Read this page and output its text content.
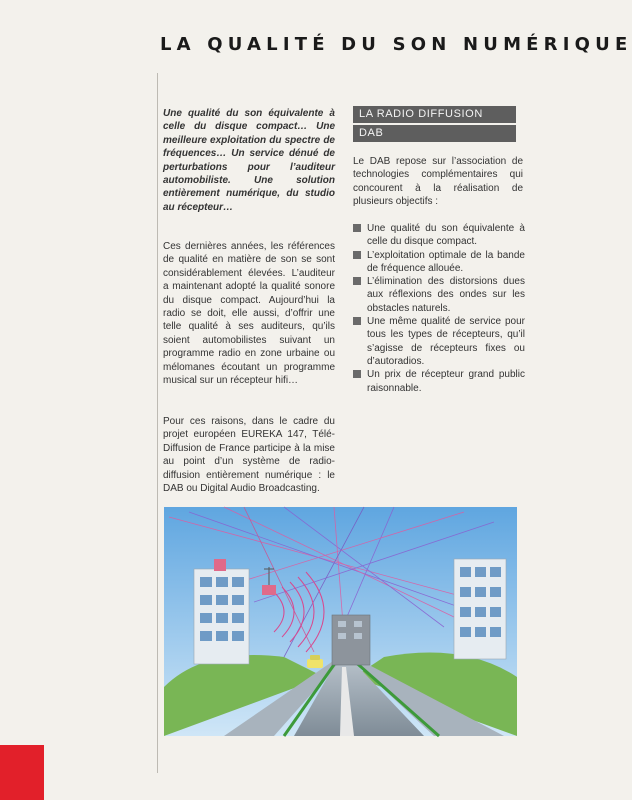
LA QUALITÉ DU SON NUMÉRIQUE
Une qualité du son équivalente à celle du disque compact… Une meilleure exploitation du spectre de fréquences… Un service dénué de perturbations pour l’auditeur automobiliste. Une solution entièrement numérique, du studio au récepteur…
Ces dernières années, les références de qualité en matière de son se sont considérablement élevées. L’auditeur a maintenant adopté la qualité sonore du disque compact. Aujourd’hui la radio se doit, elle aussi, d’offrir une telle qualité à ses auditeurs, qu’ils soient automobilistes suivant un programme radio en zone urbaine ou mélomanes écoutant un programme musical sur un récepteur hifi…
Pour ces raisons, dans le cadre du projet européen EUREKA 147, Télé-Diffusion de France participe à la mise au point d’un système de radio-diffusion entièrement numérique : le DAB ou Digital Audio Broadcasting.
LA RADIO DIFFUSION
DAB
Le DAB repose sur l’association de technologies complémentaires qui concourent à la réalisation de plusieurs objectifs :
Une qualité du son équivalente à celle du disque compact.
L’exploitation optimale de la bande de fréquence allouée.
L’élimination des distorsions dues aux réflexions des ondes sur les obstacles naturels.
Une même qualité de service pour tous les types de récepteurs, qu’il s’agisse de récepteurs fixes ou d’autoradios.
Un prix de récepteur grand public raisonnable.
